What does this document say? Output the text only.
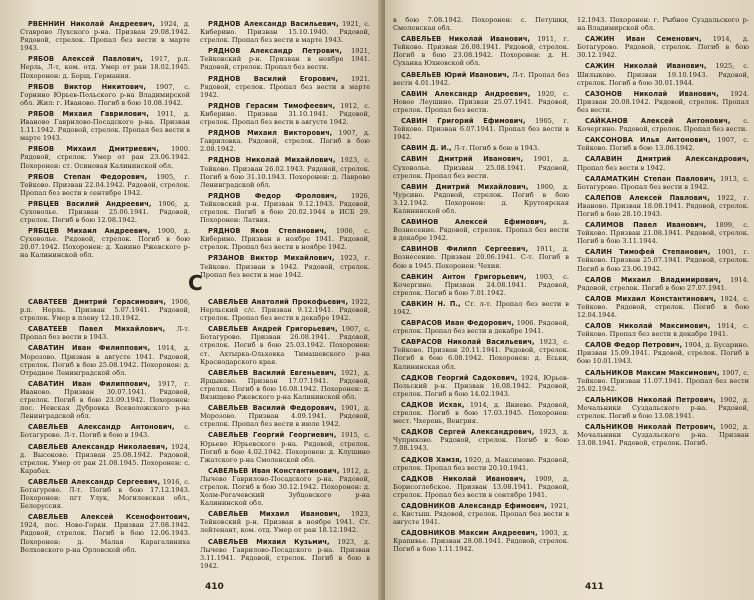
РВЕННИН Николай Андреевич, 1924, д. Ставрово Лухского р-на. Призван 29.08.1942. Рядовой, стрелок. Пропал без вести в марте 1943.
РЯБОВ Алексей Павлович, 1917, р.п. Нерль, Л-т, ком. отд. Умер от ран 18.02.1945. Похоронен: д. Борщ. Германия.
РЯБОВ Виктор Никитович, 1907, с. Горнино Юрьев-Польского р-на Владимирской обл. Жил: г. Иваново. Погиб в бою 10.08.1942.
РЯБОВ Михаил Гаврилович, 1911, д. Иваново Гаврилово-Посадского р-на. Призван 1.11.1942. Рядовой, стрелок. Пропал без вести в марте 1943.
РЯБОВ Михаил Дмитриевич, 1900. Рядовой, стрелок. Умер от ран 23.06.1942. Похоронен: ст. Осиновая Калининской обл.
РЯБОВ Степан Федорович, 1905, г. Тейково. Призван 22.04.1942. Рядовой, стрелок. Пропал без вести в сентябре 1942.
РЯБЦЕВ Василий Андреевич, 1906, д. Суховолье. Призван 25.06.1941. Рядовой, стрелок. Погиб в бою 12.08.1942.
РЯБЦЕВ Михаил Андреевич, 1900, д. Суховолье. Рядовой, стрелок. Погиб в бою 20.07.1942. Похоронен: д. Ханино Ржевского р-на Калининской обл.
РЯДНОВ Александр Васильевич, 1921, с. Киберино. Призван 15.10.1940. Рядовой, стрелок. Пропал без вести в марте 1943.
РЯДНОВ Александр Петрович, 1921, Тейковский р-н. Призван в ноябре 1941. Рядовой, стрелок. Пропал без вести.
РЯДНОВ Василий Егорович, 1921. Рядовой, стрелок. Пропал без вести в марте 1942.
РЯДНОВ Герасим Тимофеевич, 1912, с. Киберино. Призван 31.10.1941. Рядовой, стрелок. Пропал без вести в августе 1942.
РЯДНОВ Михаил Викторович, 1907, д. Гавриловка. Рядовой, стрелок. Погиб в бою 2.08.1942.
РЯДНОВ Николай Михайлович, 1923, с. Тейково. Призван 26.02.1943. Рядовой, стрелок. Погиб в бою 31.10.1943. Похоронен: д. Лаврово Ленинградской обл.
РЯДНОВ Федор Фролович, 1926, Тейковский р-н. Призван 9.12.1943. Рядовой, стрелок. Погиб в бою 20.02.1944 в ИСБ 29. Похоронен: Латвия.
РЯДНОВ Яков Степанович, 1906, с. Киберино. Призван в ноябре 1941. Рядовой, стрелок. Пропал без вести в ноябре 1942.
РЯЗАНОВ Виктор Михайлович, 1923, г. Тейково. Призван в 1942. Рядовой, стрелок. Пропал без вести в мае 1942.
С
САВАТЕЕВ Дмитрий Герасимович, 1906, р.п. Нерль. Призван 5.07.1941. Рядовой, стрелок. Умер в плену 12.10.1942.
САВАТЕЕВ Павел Михайлович, Л-т. Пропал без вести в 1943.
САВАТИН Иван Филиппович, 1914, д. Морозово. Призван в августе 1941. Рядовой, стрелок. Погиб в бою 25.08.1942. Похоронен: д. Отрадное Ленинградской обл.
САВАТИН Иван Филиппович, 1917, г. Иваново. Призван 30.07.1941. Рядовой, стрелок. Погиб в бою 23.09.1942. Похоронен: пос. Невская Дубровка Всеволожского р-на Ленинградской обл.
САВЕЛЬЕВ Александр Антонович, с. Ботагурово. Л-т. Погиб в бою в 1943.
САВЕЛЬЕВ Александр Николаевич, 1924, д. Высоково. Призван 25.08.1942. Рядовой, стрелок. Умер от ран 21.08.1945. Похоронен: с. Карабах.
САВЕЛЬЕВ Александр Сергеевич, 1916, с. Ботагурово. Л-т. Погиб в бою 17.12.1943. Похоронен: пгт Улук, Могилевская обл., Белоруссия.
САВЕЛЬЕВ Алексей Ксенофонтович, 1924, пос. Ново-Горки. Призван 27.08.1942. Рядовой, стрелок. Погиб в бою 12.06.1943. Похоронен: д. Малая Карагалиниха Волховского р-на Орловской обл.
САВЕЛЬЕВ Анатолий Прокофьевич, 1922, Нерльский с/с. Призван 9.12.1941. Рядовой, стрелок. Пропал без вести в декабре 1942.
САВЕЛЬЕВ Андрей Григорьевич, 1907, с. Ботагурово. Призван 26.08.1941. Рядовой, стрелок. Погиб в бою 25.03.1942. Похоронен: ст. Ахтырка-Ольховка Тимашевского р-на Краснодарского края.
САВЕЛЬЕВ Василий Евгеньевич, 1921, д. Ярцыково. Призван 17.07.1941. Рядовой, стрелок. Погиб в бою 16.08.1942. Похоронен: д. Вязищево Ржевского р-на Калининской обл.
САВЕЛЬЕВ Василий Федорович, 1901, д. Морозово. Призван 4.09.1941. Рядовой, стрелок. Пропал без вести в июле 1942.
САВЕЛЬЕВ Георгий Георгиевич, 1915, с. Юрьево Юрьевского р-на. Рядовой, стрелок. Погиб в бою 4.02.1942. Похоронен: д. Клушино Гжатского р-на Смоленской обл.
САВЕЛЬЕВ Иван Константинович, 1912, д. Лычево Гаврилово-Посадского р-на. Рядовой, стрелок. Погиб в бою 30.12.1942. Похоронен: д. Холм-Рогачевский Зубцовского р-на Калининской обл.
САВЕЛЬЕВ Михаил Иванович, 1923, Тейковский р-н. Призван в ноябре 1941. Ст. лейтенант, ком. отд. Умер от ран 18.12.1942.
САВЕЛЬЕВ Михаил Кузьмич, 1923, д. Лычево Гаврилово-Посадского р-на. Призван 3.11.1941. Рядовой, стрелок. Погиб в бою в 1942.
410
в бою 7.08.1942. Похоронен: с. Петушки, Смоленская обл.
САВЕЛЬЕВ Николай Иванович, 1911, г. Тейково. Призван 26.08.1941. Рядовой, стрелок. Погиб в бою 23.08.1942. Похоронен: д. Н. Суханка Юхновской обл.
САВЕЛЬЕВ Юрий Иванович, Л-т. Пропал без вести 4.01.1942.
САВИН Александр Андреевич, 1920, с. Новое Леушино. Призван 25.07.1941. Рядовой, стрелок. Пропал без вести.
САВИН Григорий Ефимович, 1905, г. Тейково. Призван 6.07.1941. Пропал без вести в 1942.
САВИН Д. И., Л-т. Погиб в бою в 1943.
САВИН Дмитрий Иванович, 1901, д. Суховолье. Призван 25.08.1941. Рядовой, стрелок. Пропал без вести.
САВИН Дмитрий Михайлович, 1900, д. Чурсино. Рядовой, стрелок. Погиб в бою 3.12.1942. Похоронен: д. Крутоярская Калининской обл.
САВИНОВ Алексей Ефимович, д. Вознесение. Рядовой, стрелок. Пропал без вести в декабре 1942.
САВИНОВ Филипп Сергеевич, 1911, д. Вознесение. Призван 20.06.1941. С-т. Погиб в бою в 1945. Похоронен: Чехия.
САВКИН Антон Григорьевич, 1903, с. Кочергино. Призван 24.08.1941. Рядовой, стрелок. Погиб в бою 7.01.1942.
САВКИН Н. П., Ст. л-т. Пропал без вести в 1942.
САВРАСОВ Иван Федорович, 1906. Рядовой, стрелок. Пропал без вести в декабре 1941.
САВРАСОВ Николай Васильевич, 1923, с. Тейково. Призван 20.11.1941. Рядовой, стрелок. Погиб в бою 6.08.1942. Похоронен: д. Еськи, Калининская обл.
САДКОВ Георгий Садокович, 1924, Юрьев-Польский р-н. Призван 16.08.1942. Рядовой, стрелок. Погиб в бою 14.02.1943.
САДКОВ Исхак, 1914, д. Яниево. Рядовой, стрелок. Погиб в бою 17.03.1945. Похоронен: мест. Чхерень, Венгрия.
САДКОВ Сергей Александрович, 1923, д. Чуприково. Рядовой, стрелок. Погиб в бою 7.08.1943.
САДКОВ Хамзя, 1920, д. Максимово. Рядовой, стрелок. Пропал без вести 20.10.1941.
САДКОВ Николай Иванович, 1909, д. Борисоглебское. Призван 13.08.1941. Рядовой, стрелок. Пропал без вести в сентябре 1941.
САДОВНИКОВ Александр Ефимович, 1921, с. Кистыш. Рядовой, стрелок. Пропал без вести в августе 1941.
САДОВНИКОВ Максим Андреевич, 1903, д. Крапивье. Призван 28.08.1941. Рядовой, стрелок. Погиб в бою 1.11.1942.
12.1943. Похоронен: г. Рыбное Суздальского р-на Владимирской обл.
САЖИН Иван Семенович, 1914, д. Ботагурово. Рядовой, стрелок. Погиб в бою 30.12.1942.
САЖИН Николай Иванович, 1925, с. Шилыково. Призван 19.10.1943. Рядовой, стрелок. Погиб в бою 30.01.1944.
САЗОНОВ Николай Иванович, 1924. Призван 20.08.1942. Рядовой, стрелок. Пропал без вести.
САЙКАНОВ Алексей Антонович, с. Кочергино. Рядовой, стрелок. Пропал без вести.
САКСОНОВА Илья Антонович, 1907, с. Тейково. Погиб в бою 13.06.1942.
САЛАВИН Дмитрий Александрович, Пропал без вести в 1942.
САЛАМАТКИН Степан Павлович, 1913, с. Ботагурово. Пропал без вести в 1942.
САЛЕПОВ Алексей Павлович, 1922, г. Иваново. Призван 18.08.1941. Рядовой, стрелок. Погиб в бою 28.10.1943.
САЛИМОВ Павел Иванович, 1899, с. Тейково. Призван 21.08.1941. Рядовой, стрелок. Погиб в бою 3.11.1944.
САЛИН Тимофей Степанович, 1901, г. Тейково. Призван 25.07.1941. Рядовой, стрелок. Погиб в бою 23.06.1942.
САЛОВ Михаил Владимирович, 1914. Рядовой, стрелок. Погиб в бою 27.07.1941.
САЛОВ Михаил Константинович, 1924, с. Тейково. Рядовой, стрелок. Погиб в бою 12.04.1944.
САЛОВ Николай Максимович, 1914, с. Тейково. Пропал без вести в декабре 1941.
САЛОВ Федор Петрович, 1904, д. Бусарино. Призван 15.09.1941. Рядовой, стрелок. Погиб в бою 10.01.1943.
САЛЬНИКОВ Максим Максимович, 1907, с. Тейково. Призван 11.07.1941. Пропал без вести 25.02.1942.
САЛЬНИКОВ Николай Петрович, 1902, д. Мочальники Суздальского р-на. Рядовой, стрелок. Погиб в бою 13.08.1941.
САЛЬНИКОВ Николай Петрович, 1902, д. Мочальники Суздальского р-на. Призван 13.08.1941. Рядовой, стрелок. Погиб.
411
